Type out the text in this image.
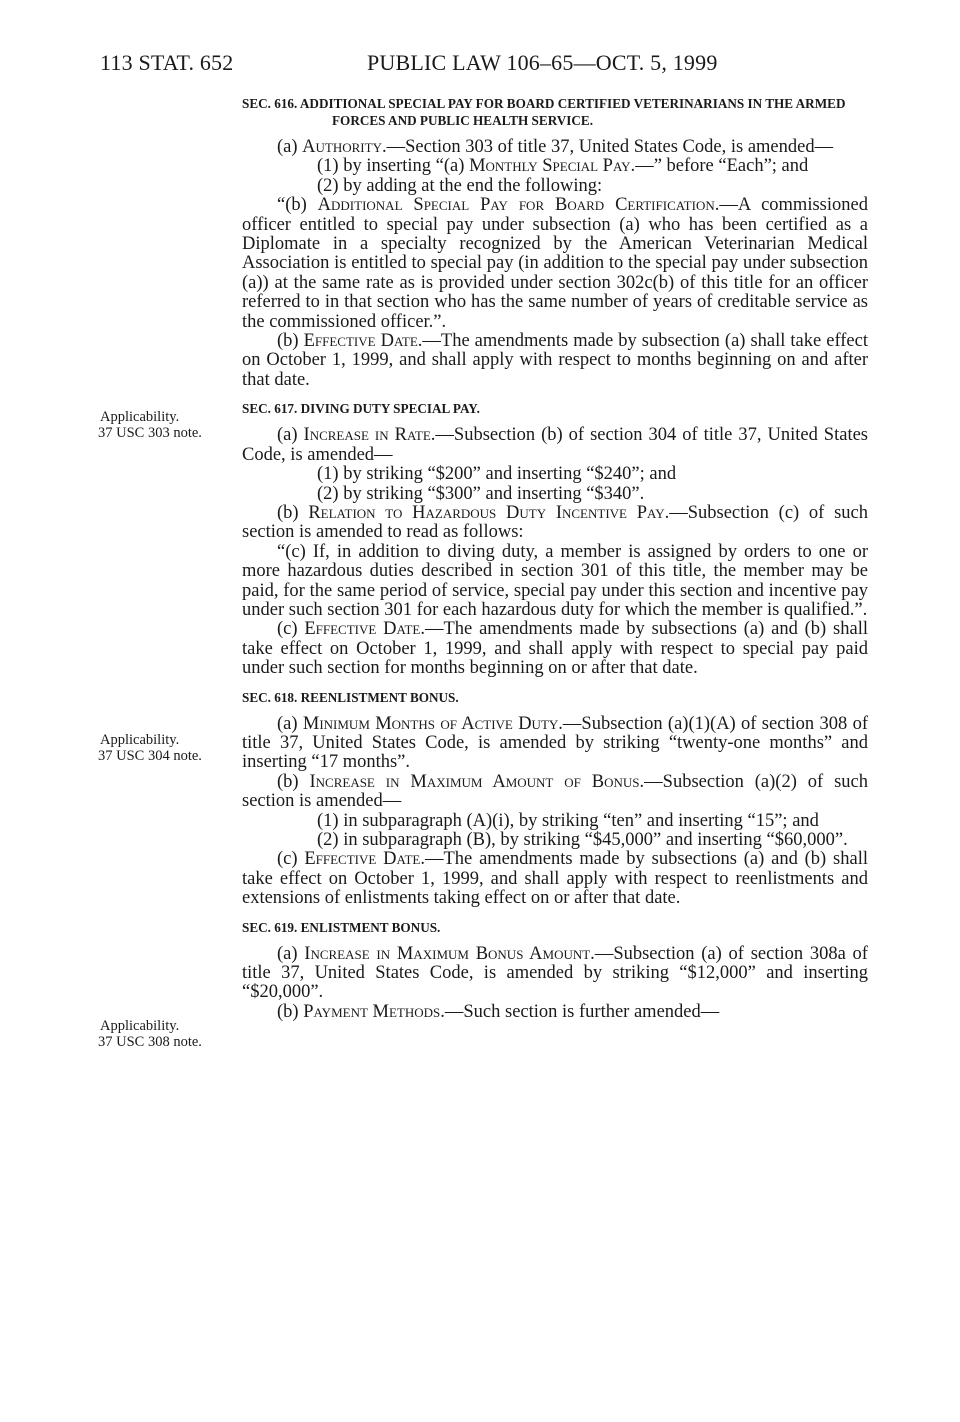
113 STAT. 652	PUBLIC LAW 106–65—OCT. 5, 1999
Applicability.
37 USC 303 note.
Applicability.
37 USC 304 note.
Applicability.
37 USC 308 note.

SEC. 616. ADDITIONAL SPECIAL PAY FOR BOARD CERTIFIED VETERINARIANS IN THE ARMED FORCES AND PUBLIC HEALTH SERVICE.

(a) Authority.—Section 303 of title 37, United States Code, is amended—

(1) by inserting “(a) Monthly Special Pay.—” before “Each”; and

(2) by adding at the end the following:

“(b) Additional Special Pay for Board Certification.—A commissioned officer entitled to special pay under subsection (a) who has been certified as a Diplomate in a specialty recognized by the American Veterinarian Medical Association is entitled to special pay (in addition to the special pay under subsection (a)) at the same rate as is provided under section 302c(b) of this title for an officer referred to in that section who has the same number of years of creditable service as the commissioned officer.”.

(b) Effective Date.—The amendments made by subsection (a) shall take effect on October 1, 1999, and shall apply with respect to months beginning on and after that date.

SEC. 617. DIVING DUTY SPECIAL PAY.

(a) Increase in Rate.—Subsection (b) of section 304 of title 37, United States Code, is amended—

(1) by striking “$200” and inserting “$240”; and

(2) by striking “$300” and inserting “$340”.

(b) Relation to Hazardous Duty Incentive Pay.—Subsection (c) of such section is amended to read as follows:

“(c) If, in addition to diving duty, a member is assigned by orders to one or more hazardous duties described in section 301 of this title, the member may be paid, for the same period of service, special pay under this section and incentive pay under such section 301 for each hazardous duty for which the member is qualified.”.

(c) Effective Date.—The amendments made by subsections (a) and (b) shall take effect on October 1, 1999, and shall apply with respect to special pay paid under such section for months beginning on or after that date.

SEC. 618. REENLISTMENT BONUS.

(a) Minimum Months of Active Duty.—Subsection (a)(1)(A) of section 308 of title 37, United States Code, is amended by striking “twenty-one months” and inserting “17 months”.

(b) Increase in Maximum Amount of Bonus.—Subsection (a)(2) of such section is amended—

(1) in subparagraph (A)(i), by striking “ten” and inserting “15”; and

(2) in subparagraph (B), by striking “$45,000” and inserting “$60,000”.

(c) Effective Date.—The amendments made by subsections (a) and (b) shall take effect on October 1, 1999, and shall apply with respect to reenlistments and extensions of enlistments taking effect on or after that date.

SEC. 619. ENLISTMENT BONUS.

(a) Increase in Maximum Bonus Amount.—Subsection (a) of section 308a of title 37, United States Code, is amended by striking “$12,000” and inserting “$20,000”.

(b) Payment Methods.—Such section is further amended—
